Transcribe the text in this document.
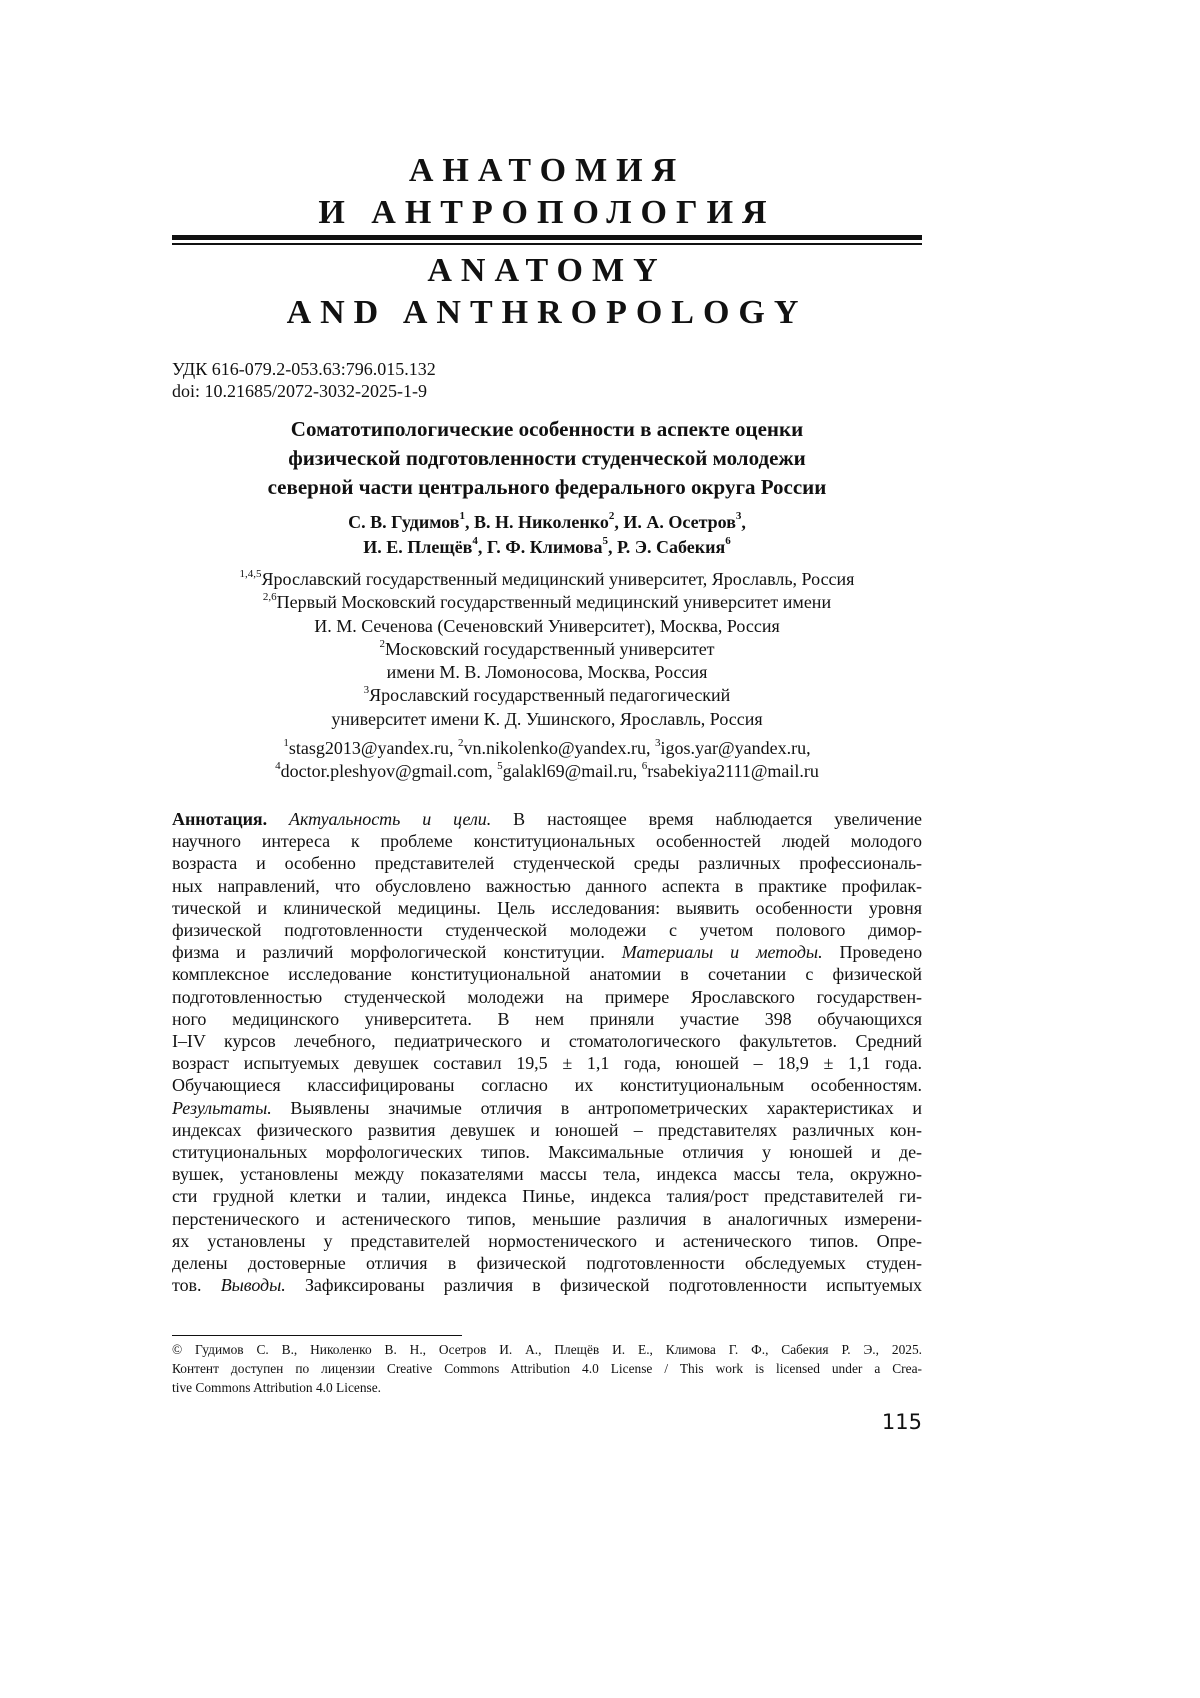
АНАТОМИЯ
И АНТРОПОЛОГИЯ
ANATOMY
AND ANTHROPOLOGY
УДК 616-079.2-053.63:796.015.132
doi: 10.21685/2072-3032-2025-1-9
Соматотипологические особенности в аспекте оценки
физической подготовленности студенческой молодежи
северной части центрального федерального округа России
С. В. Гудимов$^1$, В. Н. Николенко$^2$, И. А. Осетров$^3$,
И. Е. Плещёв$^4$, Г. Ф. Климова$^5$, Р. Э. Сабекия$^6$
$^{1,4,5}$Ярославский государственный медицинский университет, Ярославль, Россия
$^{2,6}$Первый Московский государственный медицинский университет имени
И. М. Сеченова (Сеченовский Университет), Москва, Россия
$^2$Московский государственный университет
имени М. В. Ломоносова, Москва, Россия
$^3$Ярославский государственный педагогический
университет имени К. Д. Ушинского, Ярославль, Россия
$^1$stasg2013@yandex.ru, $^2$vn.nikolenko@yandex.ru, $^3$igos.yar@yandex.ru,
$^4$doctor.pleshyov@gmail.com, $^5$galakl69@mail.ru, $^6$rsabekiya2111@mail.ru
Аннотация. Актуальность и цели. В настоящее время наблюдается увеличение
научного интереса к проблеме конституциональных особенностей людей молодого
возраста и особенно представителей студенческой среды различных профессиональ-
ных направлений, что обусловлено важностью данного аспекта в практике профилак-
тической и клинической медицины. Цель исследования: выявить особенности уровня
физической подготовленности студенческой молодежи с учетом полового димор-
физма и различий морфологической конституции. Материалы и методы. Проведено
комплексное исследование конституциональной анатомии в сочетании с физической
подготовленностью студенческой молодежи на примере Ярославского государствен-
ного медицинского университета. В нем приняли участие 398 обучающихся
I–IV курсов лечебного, педиатрического и стоматологического факультетов. Средний
возраст испытуемых девушек составил 19,5 ± 1,1 года, юношей – 18,9 ± 1,1 года.
Обучающиеся классифицированы согласно их конституциональным особенностям.
Результаты. Выявлены значимые отличия в антропометрических характеристиках и
индексах физического развития девушек и юношей – представителях различных кон-
ституциональных морфологических типов. Максимальные отличия у юношей и де-
вушек, установлены между показателями массы тела, индекса массы тела, окружно-
сти грудной клетки и талии, индекса Пинье, индекса талия/рост представителей ги-
перстенического и астенического типов, меньшие различия в аналогичных измерени-
ях установлены у представителей нормостенического и астенического типов. Опре-
делены достоверные отличия в физической подготовленности обследуемых студен-
тов. Выводы. Зафиксированы различия в физической подготовленности испытуемых
© Гудимов С. В., Николенко В. Н., Осетров И. А., Плещёв И. Е., Климова Г. Ф., Сабекия Р. Э., 2025.
Контент доступен по лицензии Creative Commons Attribution 4.0 License / This work is licensed under a Crea-
tive Commons Attribution 4.0 License.
115
